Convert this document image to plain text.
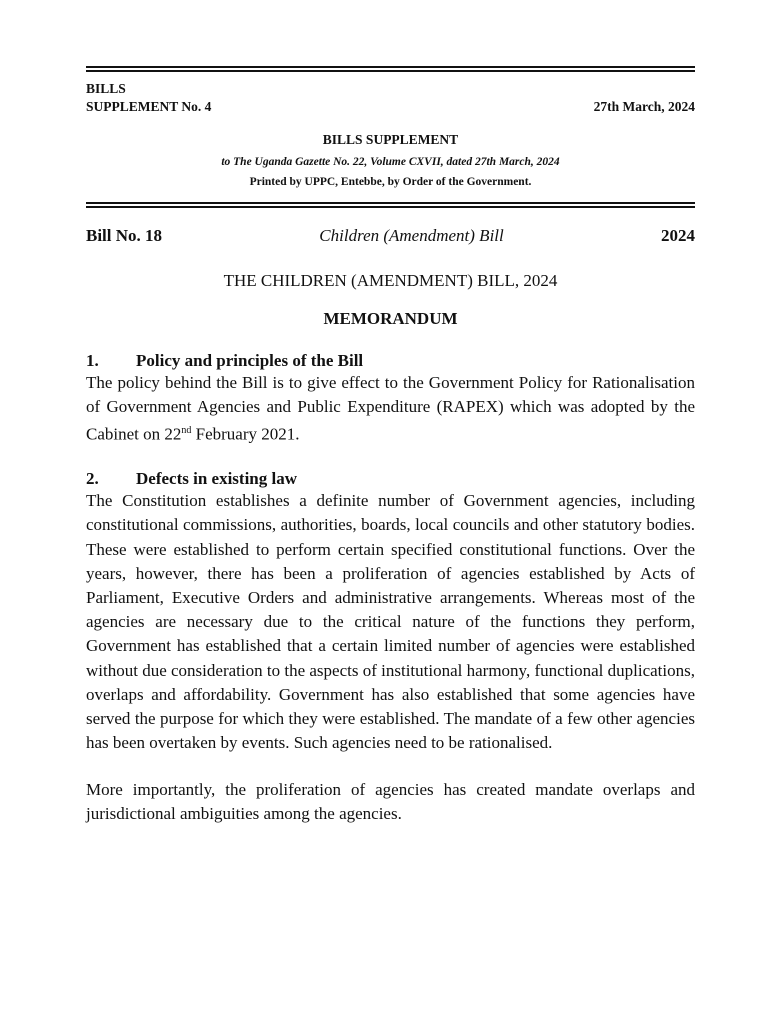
BILLS
SUPPLEMENT No. 4	27th March, 2024
BILLS SUPPLEMENT
to The Uganda Gazette No. 22, Volume CXVII, dated 27th March, 2024
Printed by UPPC, Entebbe, by Order of the Government.
Bill No. 18	Children (Amendment) Bill	2024
THE CHILDREN (AMENDMENT) BILL, 2024
MEMORANDUM
1.	Policy and principles of the Bill

The policy behind the Bill is to give effect to the Government Policy for Rationalisation of Government Agencies and Public Expenditure (RAPEX) which was adopted by the Cabinet on 22nd February 2021.

2.	Defects in existing law

The Constitution establishes a definite number of Government agencies, including constitutional commissions, authorities, boards, local councils and other statutory bodies. These were established to perform certain specified constitutional functions. Over the years, however, there has been a proliferation of agencies established by Acts of Parliament, Executive Orders and administrative arrangements. Whereas most of the agencies are necessary due to the critical nature of the functions they perform, Government has established that a certain limited number of agencies were established without due consideration to the aspects of institutional harmony, functional duplications, overlaps and affordability. Government has also established that some agencies have served the purpose for which they were established. The mandate of a few other agencies has been overtaken by events. Such agencies need to be rationalised.

More importantly, the proliferation of agencies has created mandate overlaps and jurisdictional ambiguities among the agencies.
